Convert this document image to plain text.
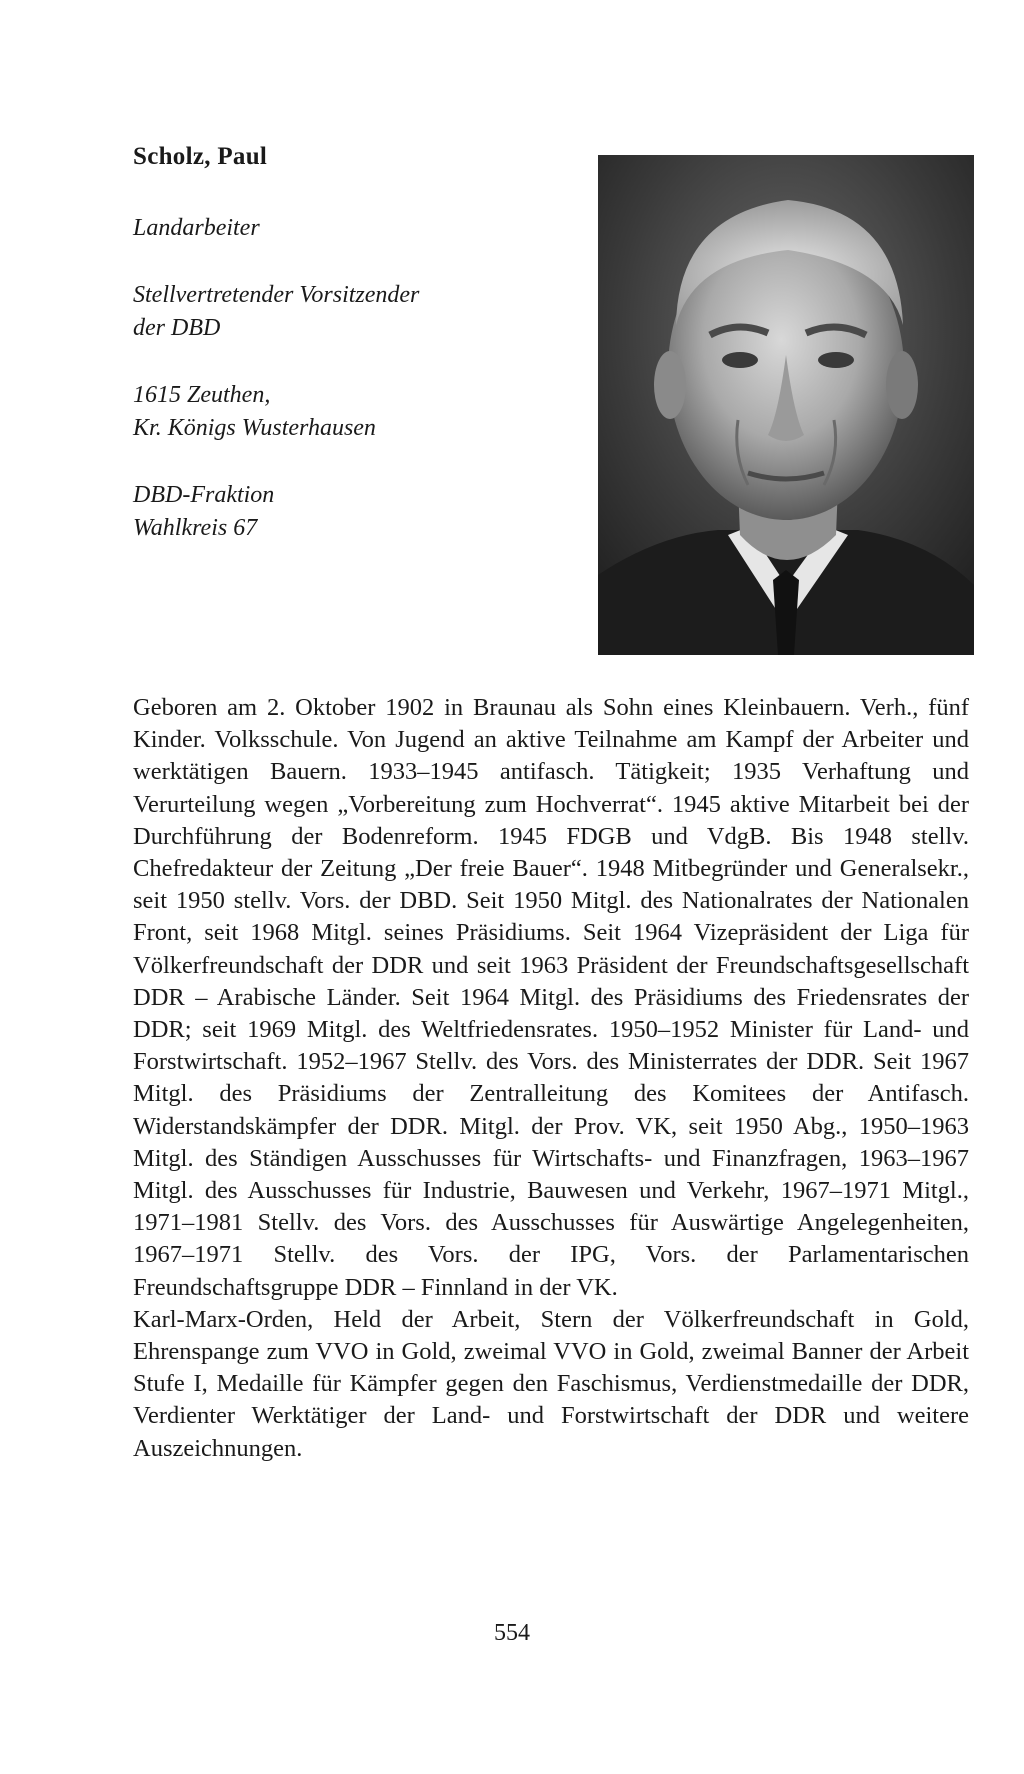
Scholz, Paul

Landarbeiter

Stellvertretender Vorsitzender

der DBD

1615 Zeuthen,

Kr. Königs Wusterhausen

DBD-Fraktion

Wahlkreis 67

Geboren am 2. Oktober 1902 in Braunau als Sohn eines Kleinbauern. Verh., fünf Kinder. Volksschule. Von Jugend an aktive Teilnahme am Kampf der Arbeiter und werktätigen Bauern. 1933–1945 antifasch. Tätigkeit; 1935 Verhaftung und Verurteilung wegen „Vorbereitung zum Hochverrat“. 1945 aktive Mitarbeit bei der Durchführung der Bodenreform. 1945 FDGB und VdgB. Bis 1948 stellv. Chefredakteur der Zeitung „Der freie Bauer“. 1948 Mitbegründer und Generalsekr., seit 1950 stellv. Vors. der DBD. Seit 1950 Mitgl. des Nationalrates der Nationalen Front, seit 1968 Mitgl. seines Präsidiums. Seit 1964 Vizepräsident der Liga für Völkerfreundschaft der DDR und seit 1963 Präsident der Freundschaftsgesellschaft DDR – Arabische Länder. Seit 1964 Mitgl. des Präsidiums des Friedensrates der DDR; seit 1969 Mitgl. des Weltfriedensrates. 1950–1952 Minister für Land- und Forstwirtschaft. 1952–1967 Stellv. des Vors. des Ministerrates der DDR. Seit 1967 Mitgl. des Präsidiums der Zentralleitung des Komitees der Antifasch. Widerstandskämpfer der DDR. Mitgl. der Prov. VK, seit 1950 Abg., 1950–1963 Mitgl. des Ständigen Ausschusses für Wirtschafts- und Finanzfragen, 1963–1967 Mitgl. des Ausschusses für Industrie, Bauwesen und Verkehr, 1967–1971 Mitgl., 1971–1981 Stellv. des Vors. des Ausschusses für Auswärtige Angelegenheiten, 1967–1971 Stellv. des Vors. der IPG, Vors. der Parlamentarischen Freundschaftsgruppe DDR – Finnland in der VK.

Karl-Marx-Orden, Held der Arbeit, Stern der Völkerfreundschaft in Gold, Ehrenspange zum VVO in Gold, zweimal VVO in Gold, zweimal Banner der Arbeit Stufe I, Medaille für Kämpfer gegen den Faschismus, Verdienstmedaille der DDR, Verdienter Werktätiger der Land- und Forstwirtschaft der DDR und weitere Auszeichnungen.

554
